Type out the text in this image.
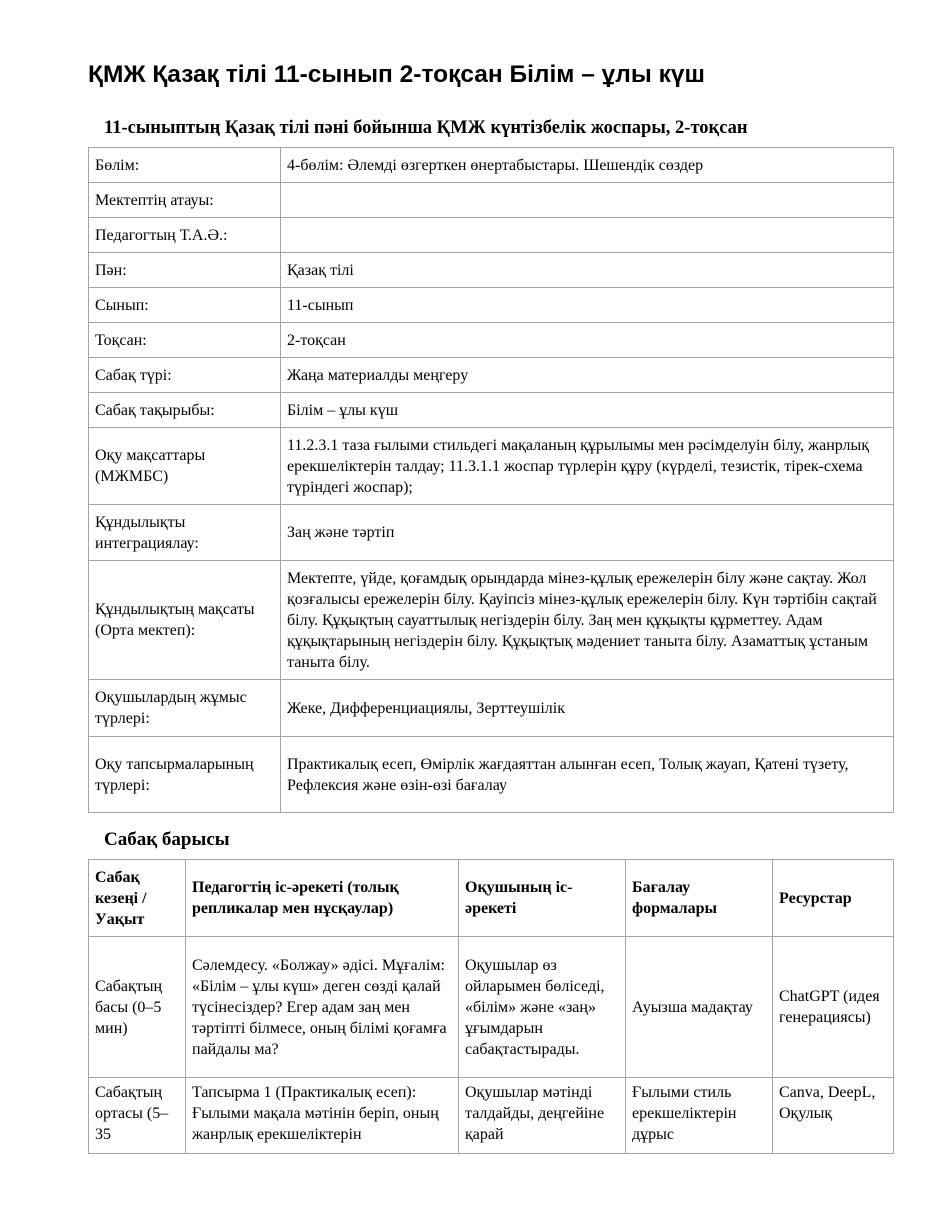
ҚМЖ Қазақ тілі 11-сынып 2-тоқсан Білім – ұлы күш
11-сыныптың Қазақ тілі пәні бойынша ҚМЖ күнтізбелік жоспары, 2-тоқсан
Бөлім:	4-бөлім: Әлемді өзгерткен өнертабыстары. Шешендік сөздер
Мектептің атауы:	
Педагогтың Т.А.Ә.:	
Пән:	Қазақ тілі
Сынып:	11-сынып
Тоқсан:	2-тоқсан
Сабақ түрі:	Жаңа материалды меңгеру
Сабақ тақырыбы:	Білім – ұлы күш
Оқу мақсаттары (МЖМБС)	11.2.3.1 таза ғылыми стильдегі мақаланың құрылымы мен рәсімделуін білу, жанрлық ерекшеліктерін талдау; 11.3.1.1 жоспар түрлерін құру (күрделі, тезистік, тірек-схема түріндегі жоспар);
Құндылықты интеграциялау:	Заң және тәртіп
Құндылықтың мақсаты (Орта мектеп):	Мектепте, үйде, қоғамдық орындарда мінез-құлық ережелерін білу және сақтау. Жол қозғалысы ережелерін білу. Қауіпсіз мінез-құлық ережелерін білу. Күн тәртібін сақтай білу. Құқықтың сауаттылық негіздерін білу. Заң мен құқықты құрметтеу. Адам құқықтарының негіздерін білу. Құқықтық мәдениет таныта білу. Азаматтық ұстаным таныта білу.
Оқушылардың жұмыс түрлері:	Жеке, Дифференциациялы, Зерттеушілік
Оқу тапсырмаларының түрлері:	Практикалық есеп, Өмірлік жағдаяттан алынған есеп, Толық жауап, Қатені түзету, Рефлексия және өзін-өзі бағалау
Сабақ барысы
Сабақ кезеңі / Уақыт	Педагогтің іс-әрекеті (толық репликалар мен нұсқаулар)	Оқушының іс-әрекеті	Бағалау формалары	Ресурстар
Сабақтың басы (0–5 мин)	Сәлемдесу. «Болжау» әдісі. Мұғалім: «Білім – ұлы күш» деген сөзді қалай түсінесіздер? Егер адам заң мен тәртіпті білмесе, оның білімі қоғамға пайдалы ма?	Оқушылар өз ойларымен бөліседі, «білім» және «заң» ұғымдарын сабақтастырады.	Ауызша мадақтау	ChatGPT (идея генерациясы)
Сабақтың ортасы (5–35	Тапсырма 1 (Практикалық есеп): Ғылыми мақала мәтінін беріп, оның жанрлық ерекшеліктерін	Оқушылар мәтінді талдайды, деңгейіне қарай	Ғылыми стиль ерекшеліктерін дұрыс	Canva, DeepL, Оқулық
